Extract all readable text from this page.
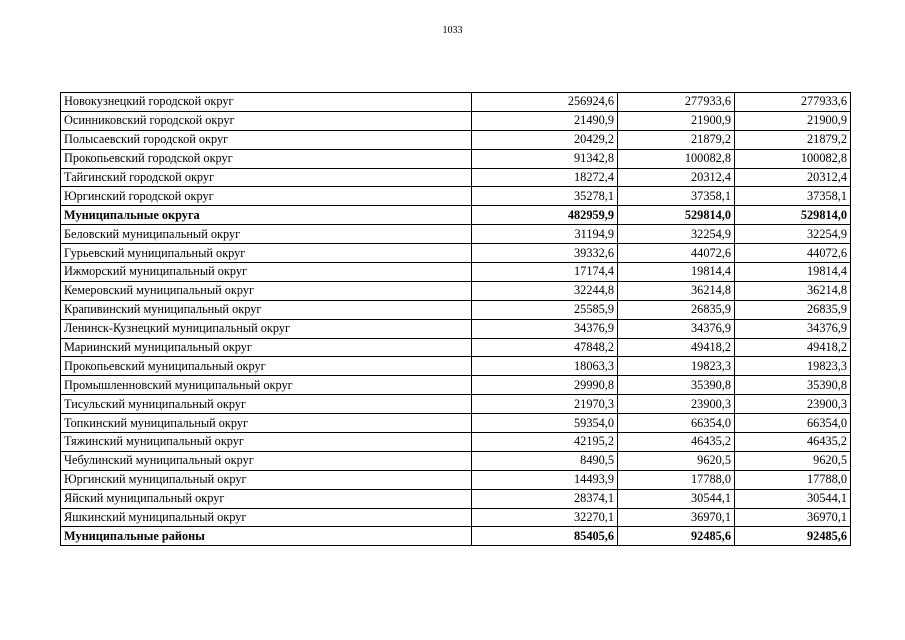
1033
Новокузнецкий городской округ	256924,6	277933,6	277933,6
Осинниковский городской округ	21490,9	21900,9	21900,9
Полысаевский городской округ	20429,2	21879,2	21879,2
Прокопьевский городской округ	91342,8	100082,8	100082,8
Тайгинский городской округ	18272,4	20312,4	20312,4
Юргинский городской округ	35278,1	37358,1	37358,1
Муниципальные округа	482959,9	529814,0	529814,0
Беловский муниципальный округ	31194,9	32254,9	32254,9
Гурьевский муниципальный округ	39332,6	44072,6	44072,6
Ижморский муниципальный округ	17174,4	19814,4	19814,4
Кемеровский муниципальный округ	32244,8	36214,8	36214,8
Крапивинский муниципальный округ	25585,9	26835,9	26835,9
Ленинск-Кузнецкий муниципальный округ	34376,9	34376,9	34376,9
Мариинский муниципальный округ	47848,2	49418,2	49418,2
Прокопьевский муниципальный округ	18063,3	19823,3	19823,3
Промышленновский муниципальный округ	29990,8	35390,8	35390,8
Тисульский муниципальный округ	21970,3	23900,3	23900,3
Топкинский муниципальный округ	59354,0	66354,0	66354,0
Тяжинский муниципальный округ	42195,2	46435,2	46435,2
Чебулинский муниципальный округ	8490,5	9620,5	9620,5
Юргинский муниципальный округ	14493,9	17788,0	17788,0
Яйский муниципальный округ	28374,1	30544,1	30544,1
Яшкинский муниципальный округ	32270,1	36970,1	36970,1
Муниципальные районы	85405,6	92485,6	92485,6
